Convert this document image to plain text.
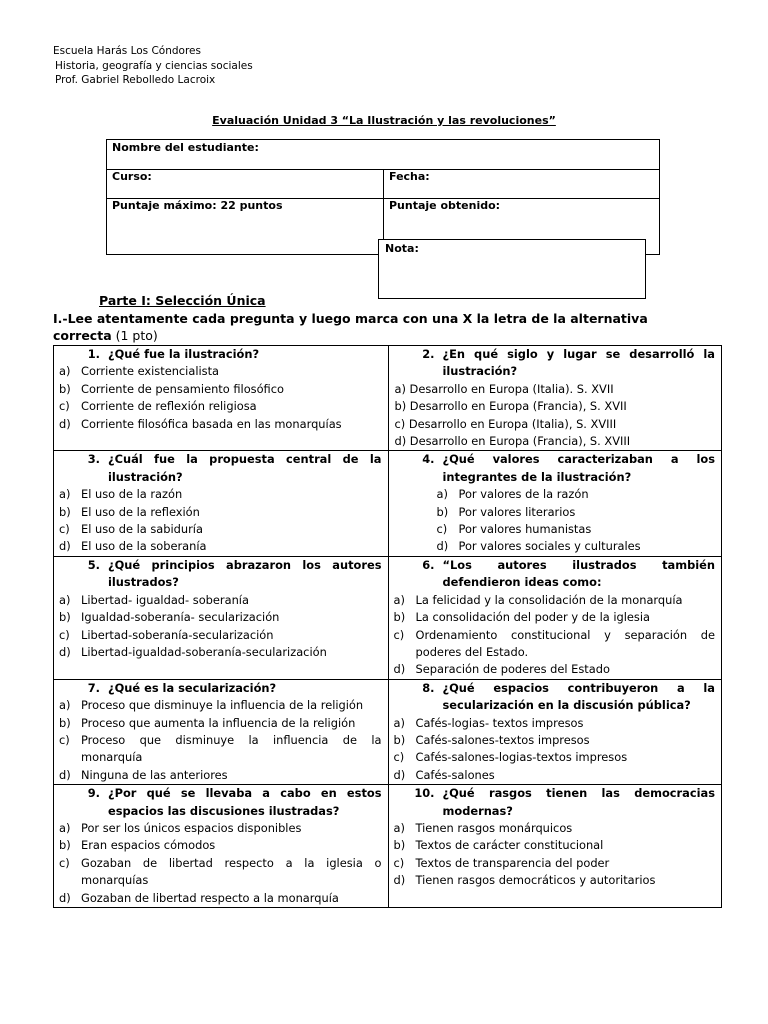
Escuela Harás Los Cóndores
Historia, geografía y ciencias sociales
Prof. Gabriel Rebolledo Lacroix
Evaluación Unidad 3 “La Ilustración y las revoluciones”
Nombre del estudiante:
Curso:	Fecha:
Puntaje máximo: 22 puntos	Puntaje obtenido:
Nota:
Parte I: Selección Única
I.-Lee atentamente cada pregunta y luego marca con una X la letra de la alternativa correcta (1 pto)
1. ¿Qué fue la ilustración?
a) Corriente existencialista
b) Corriente de pensamiento filosófico
c) Corriente de reflexión religiosa
d) Corriente filosófica basada en las monarquías
2. ¿En qué siglo y lugar se desarrolló la ilustración?
a) Desarrollo en Europa (Italia). S. XVII
b) Desarrollo en Europa (Francia), S. XVII
c) Desarrollo en Europa (Italia), S. XVIII
d) Desarrollo en Europa (Francia), S. XVIII
3. ¿Cuál fue la propuesta central de la ilustración?
a) El uso de la razón
b) El uso de la reflexión
c) El uso de la sabiduría
d) El uso de la soberanía
4. ¿Qué valores caracterizaban a los integrantes de la ilustración?
a) Por valores de la razón
b) Por valores literarios
c) Por valores humanistas
d) Por valores sociales y culturales
5. ¿Qué principios abrazaron los autores ilustrados?
a) Libertad- igualdad- soberanía
b) Igualdad-soberanía- secularización
c) Libertad-soberanía-secularización
d) Libertad-igualdad-soberanía-secularización
6. “Los autores ilustrados también defendieron ideas como:
a) La felicidad y la consolidación de la monarquía
b) La consolidación del poder y de la iglesia
c) Ordenamiento constitucional y separación de poderes del Estado.
d) Separación de poderes del Estado
7. ¿Qué es la secularización?
a) Proceso que disminuye la influencia de la religión
b) Proceso que aumenta la influencia de la religión
c) Proceso que disminuye la influencia de la monarquía
d) Ninguna de las anteriores
8. ¿Qué espacios contribuyeron a la secularización en la discusión pública?
a) Cafés-logias- textos impresos
b) Cafés-salones-textos impresos
c) Cafés-salones-logias-textos impresos
d) Cafés-salones
9. ¿Por qué se llevaba a cabo en estos espacios las discusiones ilustradas?
a) Por ser los únicos espacios disponibles
b) Eran espacios cómodos
c) Gozaban de libertad respecto a la iglesia o monarquías
d) Gozaban de libertad respecto a la monarquía
10. ¿Qué rasgos tienen las democracias modernas?
a) Tienen rasgos monárquicos
b) Textos de carácter constitucional
c) Textos de transparencia del poder
d) Tienen rasgos democráticos y autoritarios
